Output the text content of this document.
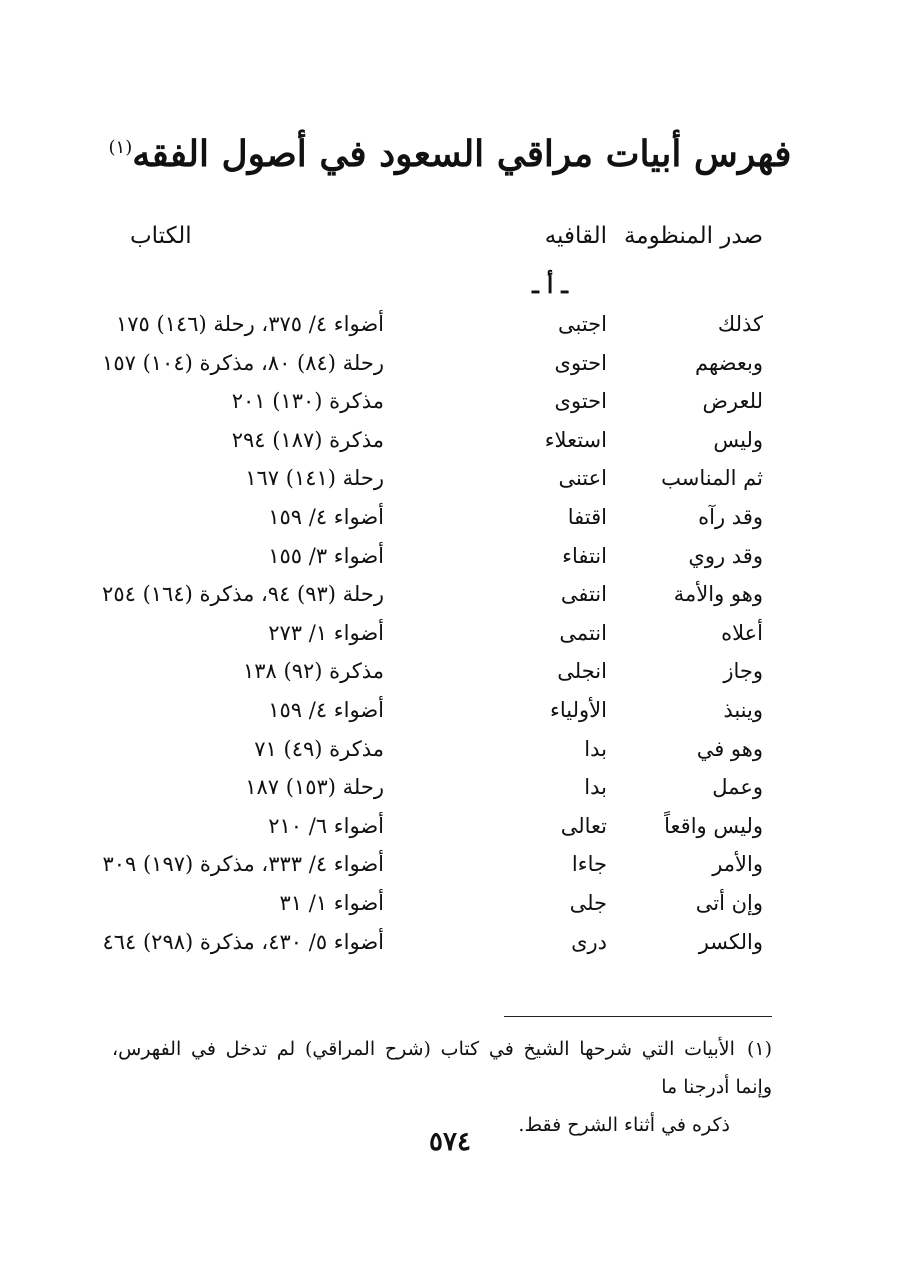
فهرس أبيات مراقي السعود في أصول الفقه$^{(١)}$
صدر المنظومة
القافيه
الكتاب
ـ أ ـ
كذلك
اجتبى
أضواء ٤/ ٣٧٥، رحلة (١٤٦) ١٧٥
وبعضهم
احتوى
رحلة (٨٤) ٨٠، مذكرة (١٠٤) ١٥٧
للعرض
احتوى
مذكرة (١٣٠) ٢٠١
وليس
استعلاء
مذكرة (١٨٧) ٢٩٤
ثم المناسب
اعتنى
رحلة (١٤١) ١٦٧
وقد رآه
اقتفا
أضواء ٤/ ١٥٩
وقد روي
انتفاء
أضواء ٣/ ١٥٥
وهو والأمة
انتفى
رحلة (٩٣) ٩٤، مذكرة (١٦٤) ٢٥٤
أعلاه
انتمى
أضواء ١/ ٢٧٣
وجاز
انجلى
مذكرة (٩٢) ١٣٨
وينبذ
الأولياء
أضواء ٤/ ١٥٩
وهو في
بدا
مذكرة (٤٩) ٧١
وعمل
بدا
رحلة (١٥٣) ١٨٧
وليس واقعاً
تعالى
أضواء ٦/ ٢١٠
والأمر
جاءا
أضواء ٤/ ٣٣٣، مذكرة (١٩٧) ٣٠٩
وإن أتى
جلى
أضواء ١/ ٣١
والكسر
درى
أضواء ٥/ ٤٣٠، مذكرة (٢٩٨) ٤٦٤
(١)الأبيات التي شرحها الشيخ في كتاب (شرح المراقي) لم تدخل في الفهرس، وإنما أدرجنا ما
ذكره في أثناء الشرح فقط.
٥٧٤
